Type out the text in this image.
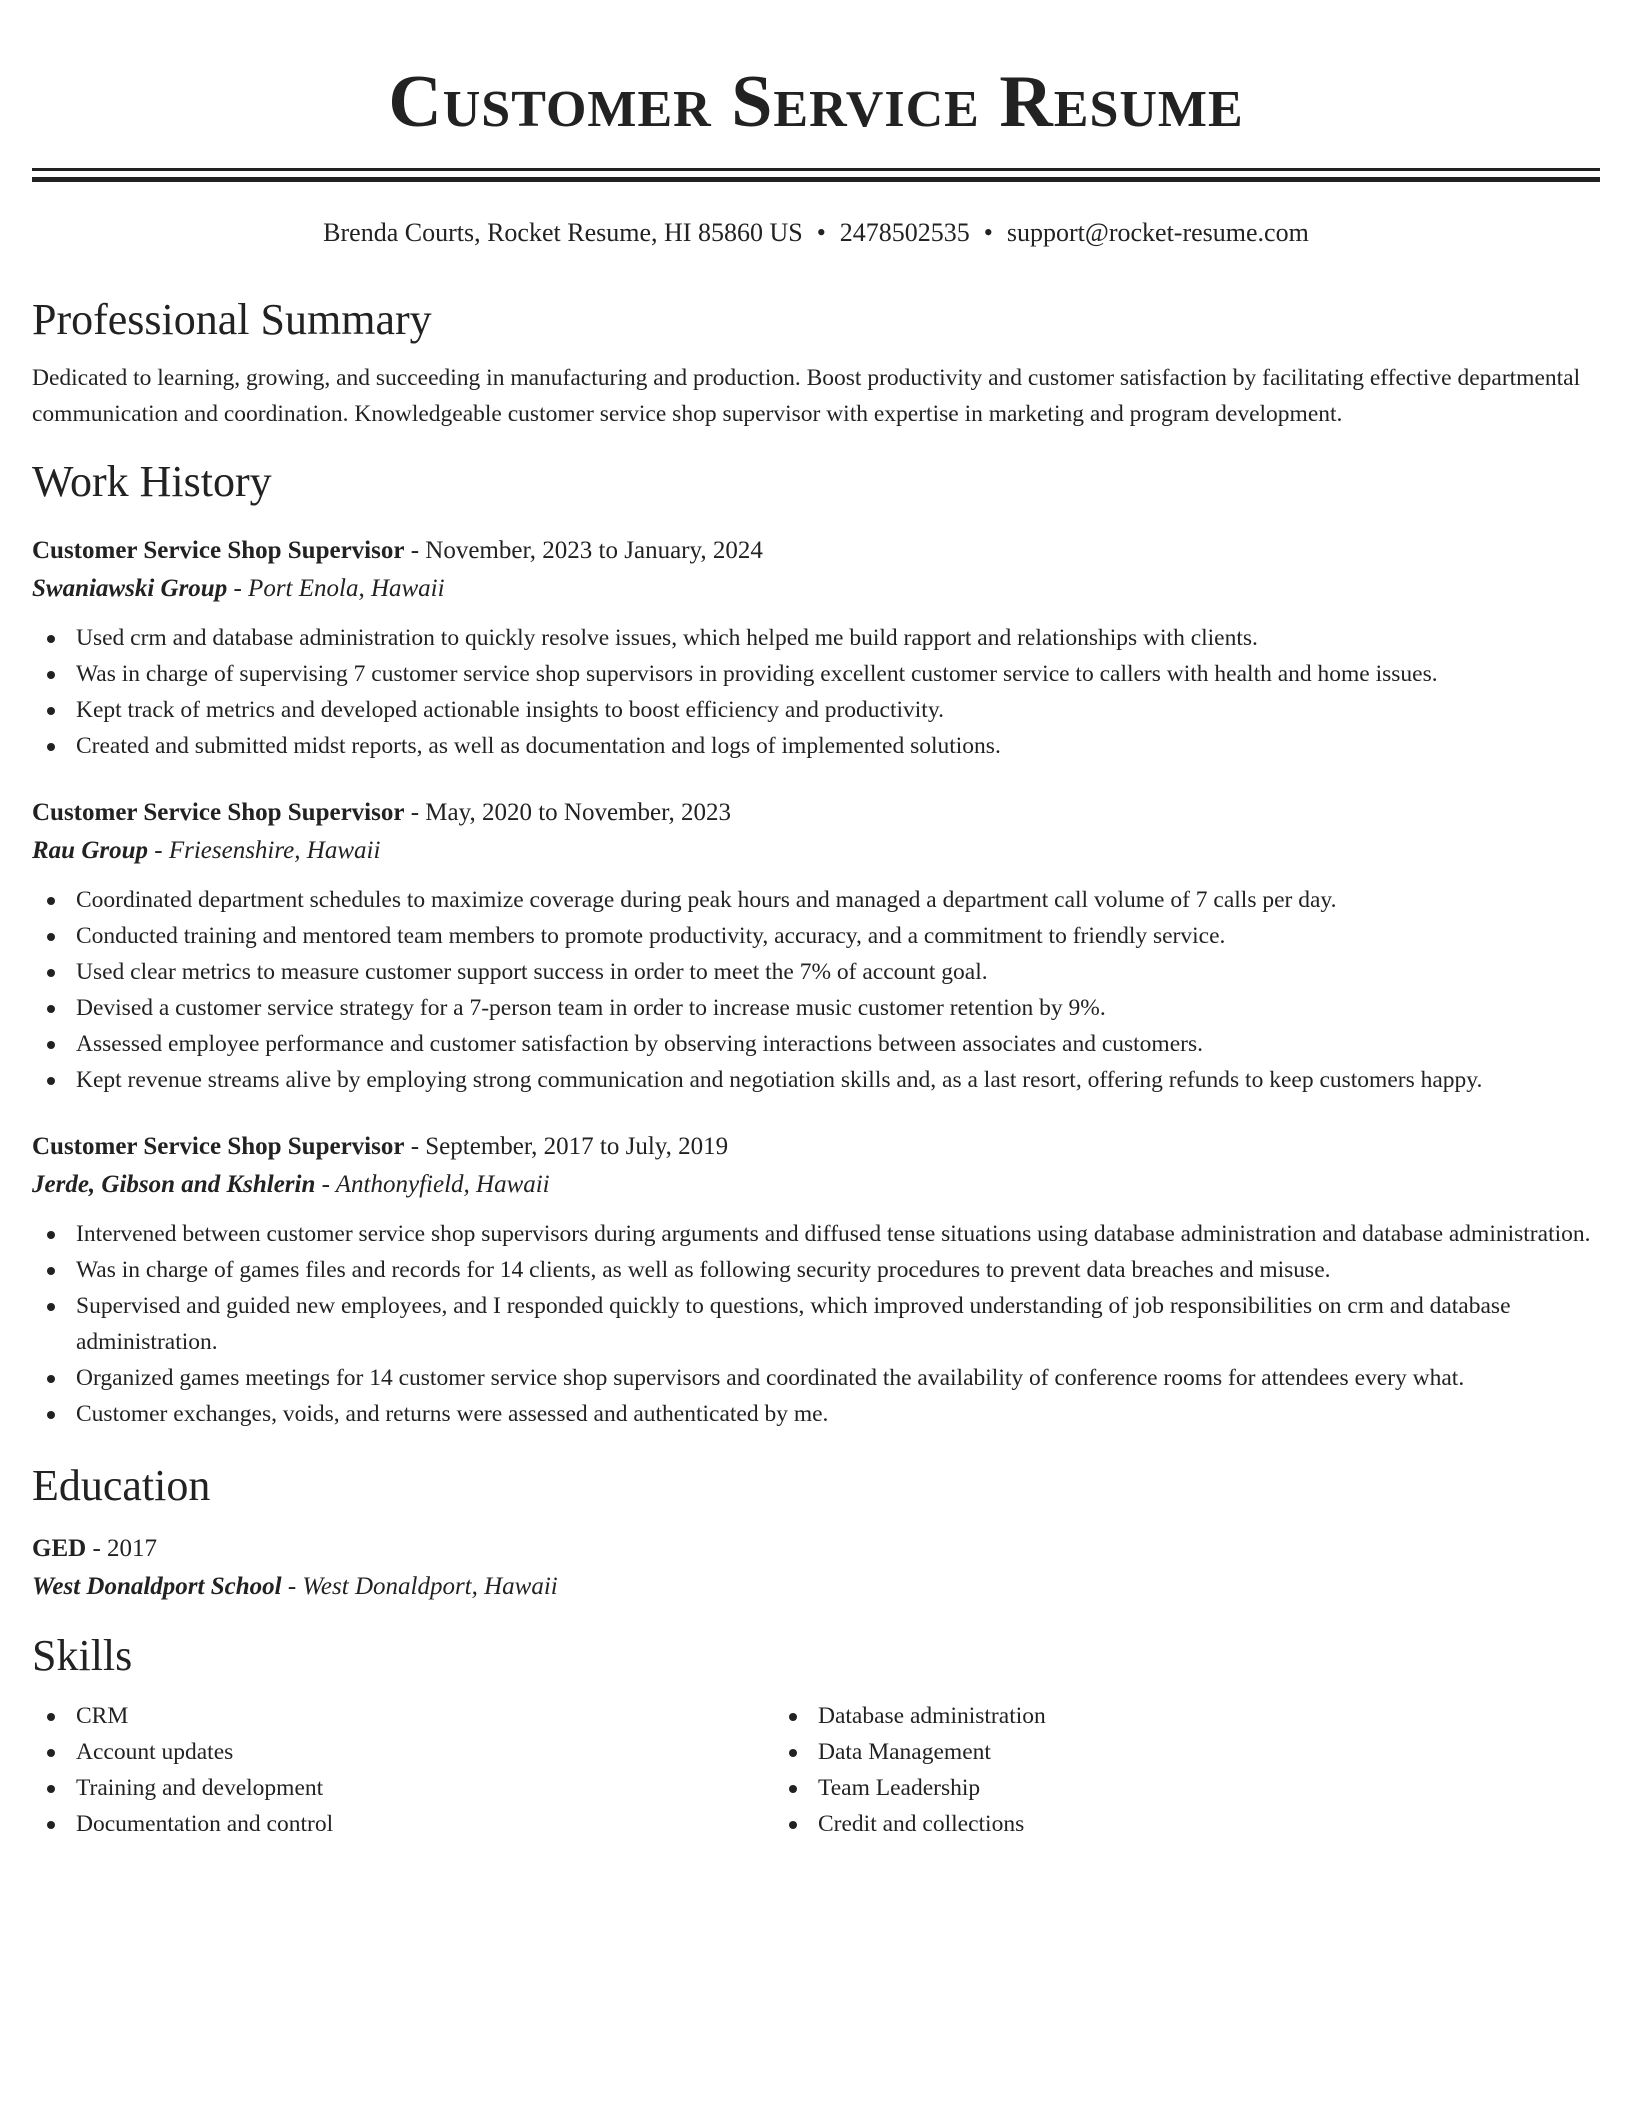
Customer Service Resume
Brenda Courts, Rocket Resume, HI 85860 US • 2478502535 • support@rocket-resume.com
Professional Summary

Dedicated to learning, growing, and succeeding in manufacturing and production. Boost productivity and customer satisfaction by facilitating effective departmental communication and coordination. Knowledgeable customer service shop supervisor with expertise in marketing and program development.

Work History

Customer Service Shop Supervisor - November, 2023 to January, 2024

Swaniawski Group - Port Enola, Hawaii

Used crm and database administration to quickly resolve issues, which helped me build rapport and relationships with clients.
Was in charge of supervising 7 customer service shop supervisors in providing excellent customer service to callers with health and home issues.
Kept track of metrics and developed actionable insights to boost efficiency and productivity.
Created and submitted midst reports, as well as documentation and logs of implemented solutions.

Customer Service Shop Supervisor - May, 2020 to November, 2023

Rau Group - Friesenshire, Hawaii

Coordinated department schedules to maximize coverage during peak hours and managed a department call volume of 7 calls per day.
Conducted training and mentored team members to promote productivity, accuracy, and a commitment to friendly service.
Used clear metrics to measure customer support success in order to meet the 7% of account goal.
Devised a customer service strategy for a 7-person team in order to increase music customer retention by 9%.
Assessed employee performance and customer satisfaction by observing interactions between associates and customers.
Kept revenue streams alive by employing strong communication and negotiation skills and, as a last resort, offering refunds to keep customers happy.

Customer Service Shop Supervisor - September, 2017 to July, 2019

Jerde, Gibson and Kshlerin - Anthonyfield, Hawaii

Intervened between customer service shop supervisors during arguments and diffused tense situations using database administration and database administration.
Was in charge of games files and records for 14 clients, as well as following security procedures to prevent data breaches and misuse.
Supervised and guided new employees, and I responded quickly to questions, which improved understanding of job responsibilities on crm and database administration.
Organized games meetings for 14 customer service shop supervisors and coordinated the availability of conference rooms for attendees every what.
Customer exchanges, voids, and returns were assessed and authenticated by me.
Education

GED - 2017

West Donaldport School - West Donaldport, Hawaii

Skills
CRM
Account updates
Training and development
Documentation and control
Database administration
Data Management
Team Leadership
Credit and collections
